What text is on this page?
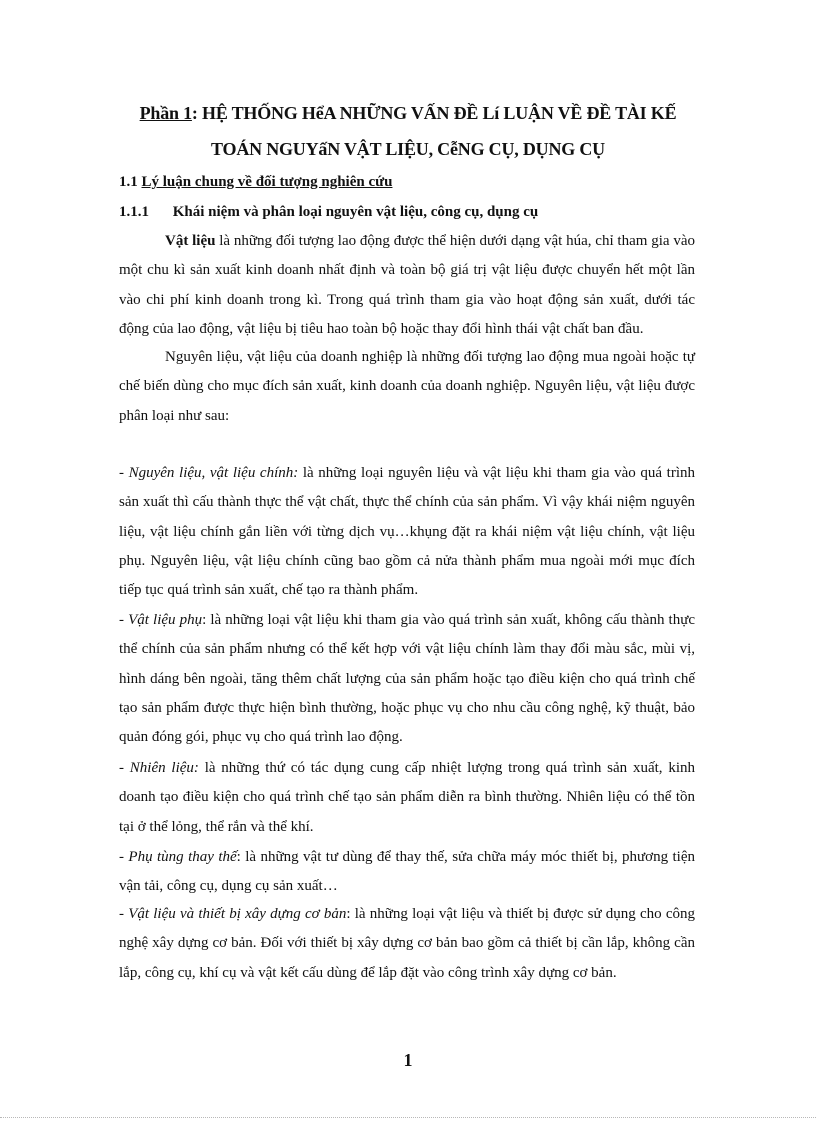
Phần 1: HỆ THỐNG HểA NHỮNG VẤN ĐỀ Lí LUẬN VỀ ĐỀ TÀI KẾ
TOÁN NGUYấN VẬT LIỆU, CễNG CỤ, DỤNG CỤ
1.1 Lý luận chung về đối tượng nghiên cứu
1.1.1 Khái niệm và phân loại nguyên vật liệu, công cụ, dụng cụ

Vật liệu là những đối tượng lao động được thể hiện dưới dạng vật húa, chỉ tham gia vào một chu kì sản xuất kinh doanh nhất định và toàn bộ giá trị vật liệu được chuyển hết một lần vào chi phí kinh doanh trong kì. Trong quá trình tham gia vào hoạt động sản xuất, dưới tác động của lao động, vật liệu bị tiêu hao toàn bộ hoặc thay đổi hình thái vật chất ban đầu.

Nguyên liệu, vật liệu của doanh nghiệp là những đối tượng lao động mua ngoài hoặc tự chế biến dùng cho mục đích sản xuất, kinh doanh của doanh nghiệp. Nguyên liệu, vật liệu được phân loại như sau:

- Nguyên liệu, vật liệu chính: là những loại nguyên liệu và vật liệu khi tham gia vào quá trình sản xuất thì cấu thành thực thể vật chất, thực thể chính của sản phẩm. Vì vậy khái niệm nguyên liệu, vật liệu chính gắn liền với từng dịch vụ…khụng đặt ra khái niệm vật liệu chính, vật liệu phụ. Nguyên liệu, vật liệu chính cũng bao gồm cả nửa thành phẩm mua ngoài mới mục đích tiếp tục quá trình sản xuất, chế tạo ra thành phẩm.

- Vật liệu phụ: là những loại vật liệu khi tham gia vào quá trình sản xuất, không cấu thành thực thể chính của sản phẩm nhưng có thể kết hợp với vật liệu chính làm thay đổi màu sắc, mùi vị, hình dáng bên ngoài, tăng thêm chất lượng của sản phẩm hoặc tạo điều kiện cho quá trình chế tạo sản phẩm được thực hiện bình thường, hoặc phục vụ cho nhu cầu công nghệ, kỹ thuật, bảo quản đóng gói, phục vụ cho quá trình lao động.

- Nhiên liệu: là những thứ có tác dụng cung cấp nhiệt lượng trong quá trình sản xuất, kinh doanh tạo điều kiện cho quá trình chế tạo sản phẩm diễn ra bình thường. Nhiên liệu có thể tồn tại ở thể lỏng, thể rắn và thể khí.

- Phụ tùng thay thế: là những vật tư dùng để thay thế, sửa chữa máy móc thiết bị, phương tiện vận tải, công cụ, dụng cụ sản xuất…

- Vật liệu và thiết bị xây dựng cơ bản: là những loại vật liệu và thiết bị được sử dụng cho công nghệ xây dựng cơ bản. Đối với thiết bị xây dựng cơ bản bao gồm cả thiết bị cần lắp, không cần lắp, công cụ, khí cụ và vật kết cấu dùng để lắp đặt vào công trình xây dựng cơ bản.

1
